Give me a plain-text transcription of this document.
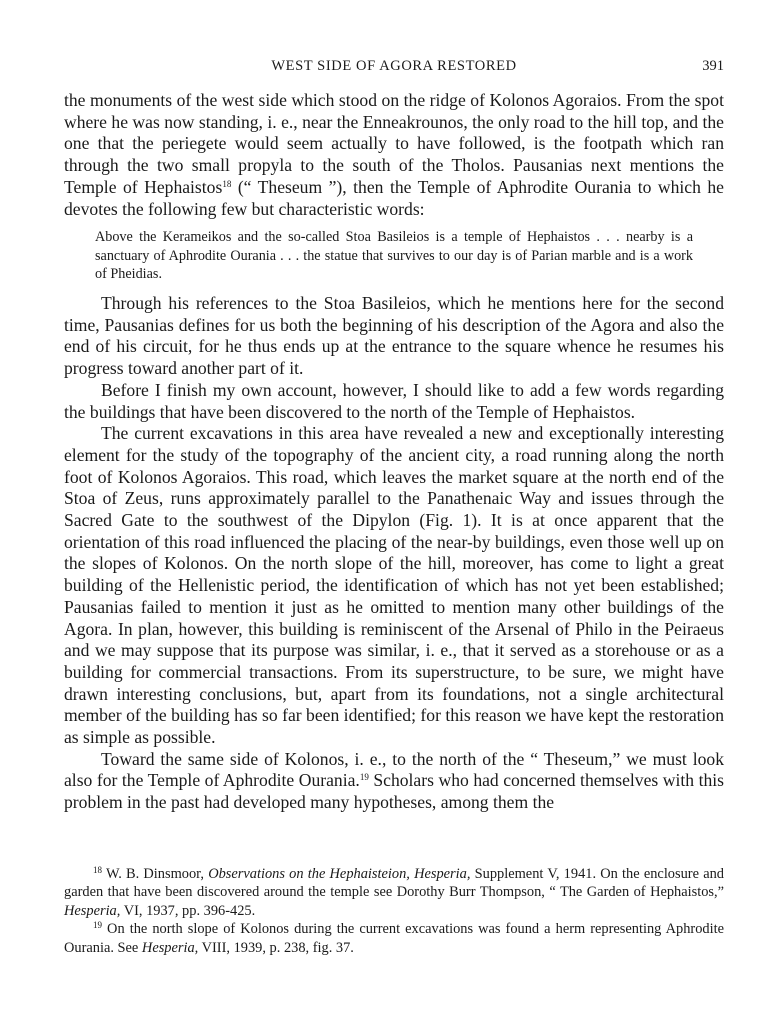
WEST SIDE OF AGORA RESTORED	391

the monuments of the west side which stood on the ridge of Kolonos Agoraios. From the spot where he was now standing, i. e., near the Enneakrounos, the only road to the hill top, and the one that the periegete would seem actually to have followed, is the footpath which ran through the two small propyla to the south of the Tholos. Pausanias next mentions the Temple of Hephaistos$^{18}$ (“ Theseum ”), then the Temple of Aphrodite Ourania to which he devotes the following few but characteristic words:

Above the Kerameikos and the so-called Stoa Basileios is a temple of Hephaistos . . . nearby is a sanctuary of Aphrodite Ourania . . . the statue that survives to our day is of Parian marble and is a work of Pheidias.

Through his references to the Stoa Basileios, which he mentions here for the second time, Pausanias defines for us both the beginning of his description of the Agora and also the end of his circuit, for he thus ends up at the entrance to the square whence he resumes his progress toward another part of it.

Before I finish my own account, however, I should like to add a few words regarding the buildings that have been discovered to the north of the Temple of Hephaistos.

The current excavations in this area have revealed a new and exceptionally interesting element for the study of the topography of the ancient city, a road running along the north foot of Kolonos Agoraios. This road, which leaves the market square at the north end of the Stoa of Zeus, runs approximately parallel to the Panathenaic Way and issues through the Sacred Gate to the southwest of the Dipylon (Fig. 1). It is at once apparent that the orientation of this road influenced the placing of the near-by buildings, even those well up on the slopes of Kolonos. On the north slope of the hill, moreover, has come to light a great building of the Hellenistic period, the identification of which has not yet been established; Pausanias failed to mention it just as he omitted to mention many other buildings of the Agora. In plan, however, this building is reminiscent of the Arsenal of Philo in the Peiraeus and we may suppose that its purpose was similar, i. e., that it served as a storehouse or as a building for commercial transactions. From its superstructure, to be sure, we might have drawn interesting conclusions, but, apart from its foundations, not a single architectural member of the building has so far been identified; for this reason we have kept the restoration as simple as possible.

Toward the same side of Kolonos, i. e., to the north of the “ Theseum,” we must look also for the Temple of Aphrodite Ourania.$^{19}$ Scholars who had concerned themselves with this problem in the past had developed many hypotheses, among them the

$^{18}$ W. B. Dinsmoor, Observations on the Hephaisteion, Hesperia, Supplement V, 1941. On the enclosure and garden that have been discovered around the temple see Dorothy Burr Thompson, “ The Garden of Hephaistos,” Hesperia, VI, 1937, pp. 396-425.

$^{19}$ On the north slope of Kolonos during the current excavations was found a herm representing Aphrodite Ourania. See Hesperia, VIII, 1939, p. 238, fig. 37.
